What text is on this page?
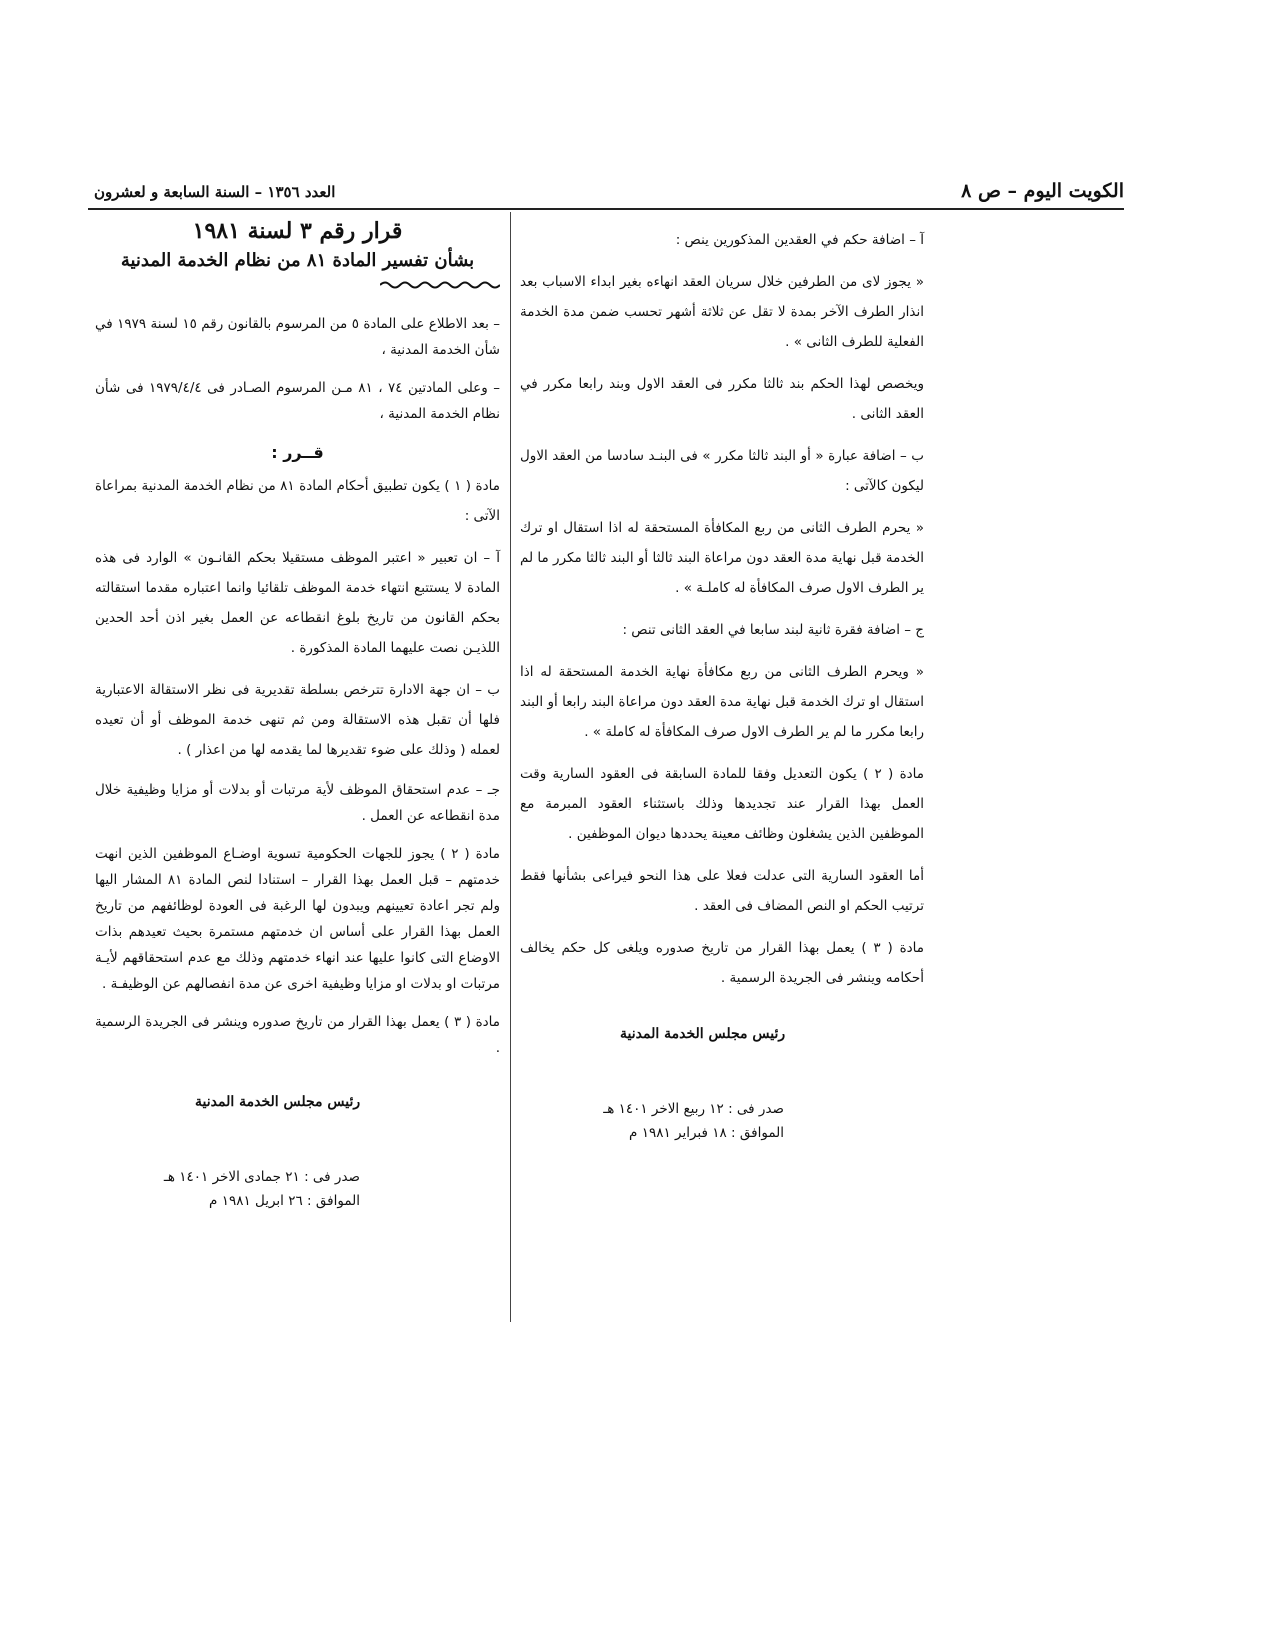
الكويت اليوم – ص ٨
العدد ١٣٥٦ – السنة السابعة و لعشرون

آ – اضافة حكم في العقدين المذكورين ينص :

« يجوز لاى من الطرفين خلال سريان العقد انهاءه بغير ابداء الاسباب بعد انذار الطرف الآخر بمدة لا تقل عن ثلاثة أشهر تحسب ضمن مدة الخدمة الفعلية للطرف الثانى » .

ويخصص لهذا الحكم بند ثالثا مكرر فى العقد الاول وبند رابعا مكرر في العقد الثانى .

ب – اضافة عبارة « أو البند ثالثا مكرر » فى البنـد سادسا من العقد الاول ليكون كالآتى :

« يحرم الطرف الثانى من ربع المكافأة المستحقة له اذا استقال او ترك الخدمة قبل نهاية مدة العقد دون مراعاة البند ثالثا أو البند ثالثا مكرر ما لم ير الطرف الاول صرف المكافأة له كاملـة » .

ج – اضافة فقرة ثانية لبند سابعا في العقد الثانى تنص :

« ويحرم الطرف الثانى من ربع مكافأة نهاية الخدمة المستحقة له اذا استقال او ترك الخدمة قبل نهاية مدة العقد دون مراعاة البند رابعا أو البند رابعا مكرر ما لم ير الطرف الاول صرف المكافأة له كاملة » .

مادة ( ٢ ) يكون التعديل وفقا للمادة السابقة فى العقود السارية وقت العمل بهذا القرار عند تجديدها وذلك باستثناء العقود المبرمة مع الموظفين الذين يشغلون وظائف معينة يحددها ديوان الموظفين .

أما العقود السارية التى عدلت فعلا على هذا النحو فيراعى بشأنها فقط ترتيب الحكم او النص المضاف فى العقد .

مادة ( ٣ ) يعمل بهذا القرار من تاريخ صدوره ويلغى كل حكم يخالف أحكامه وينشر فى الجريدة الرسمية .

رئيس مجلس الخدمة المدنية
صدر فى : ١٢ ربيع الاخر ١٤٠١ هـ
الموافق : ١٨ فبراير ١٩٨١ م
قرار رقم ٣ لسنة ١٩٨١
بشأن تفسير المادة ٨١ من نظام الخدمة المدنية

– بعد الاطلاع على المادة ٥ من المرسوم بالقانون رقم ١٥ لسنة ١٩٧٩ في شأن الخدمة المدنية ،

– وعلى المادتين ٧٤ ، ٨١ مـن المرسوم الصـادر فى ١٩٧٩/٤/٤ فى شأن نظام الخدمة المدنية ،

قــرر :

مادة ( ١ ) يكون تطبيق أحكام المادة ٨١ من نظام الخدمة المدنية بمراعاة الآتى :

آ – ان تعبير « اعتبر الموظف مستقيلا بحكم القانـون » الوارد فى هذه المادة لا يستتبع انتهاء خدمة الموظف تلقائيا وانما اعتباره مقدما استقالته بحكم القانون من تاريخ بلوغ انقطاعه عن العمل بغير اذن أحد الحدين اللذيـن نصت عليهما المادة المذكورة .

ب – ان جهة الادارة تترخص بسلطة تقديرية فى نظر الاستقالة الاعتبارية فلها أن تقبل هذه الاستقالة ومن ثم تنهى خدمة الموظف أو أن تعيده لعمله ( وذلك على ضوء تقديرها لما يقدمه لها من اعذار ) .

جـ – عدم استحقاق الموظف لأية مرتبات أو بدلات أو مزايا وظيفية خلال مدة انقطاعه عن العمل .

مادة ( ٢ ) يجوز للجهات الحكومية تسوية اوضـاع الموظفين الذين انهت خدمتهم – قبل العمل بهذا القرار – استنادا لنص المادة ٨١ المشار اليها ولم تجر اعادة تعيينهم ويبدون لها الرغبة فى العودة لوظائفهم من تاريخ العمل بهذا القرار على أساس ان خدمتهم مستمرة بحيث تعيدهم بذات الاوضاع التى كانوا عليها عند انهاء خدمتهم وذلك مع عدم استحقاقهم لأيـة مرتبات او بدلات او مزايا وظيفية اخرى عن مدة انفصالهم عن الوظيفـة .

مادة ( ٣ ) يعمل بهذا القرار من تاريخ صدوره وينشر فى الجريدة الرسمية .

رئيس مجلس الخدمة المدنية
صدر فى : ٢١ جمادى الاخر ١٤٠١ هـ
الموافق : ٢٦ ابريل ١٩٨١ م
